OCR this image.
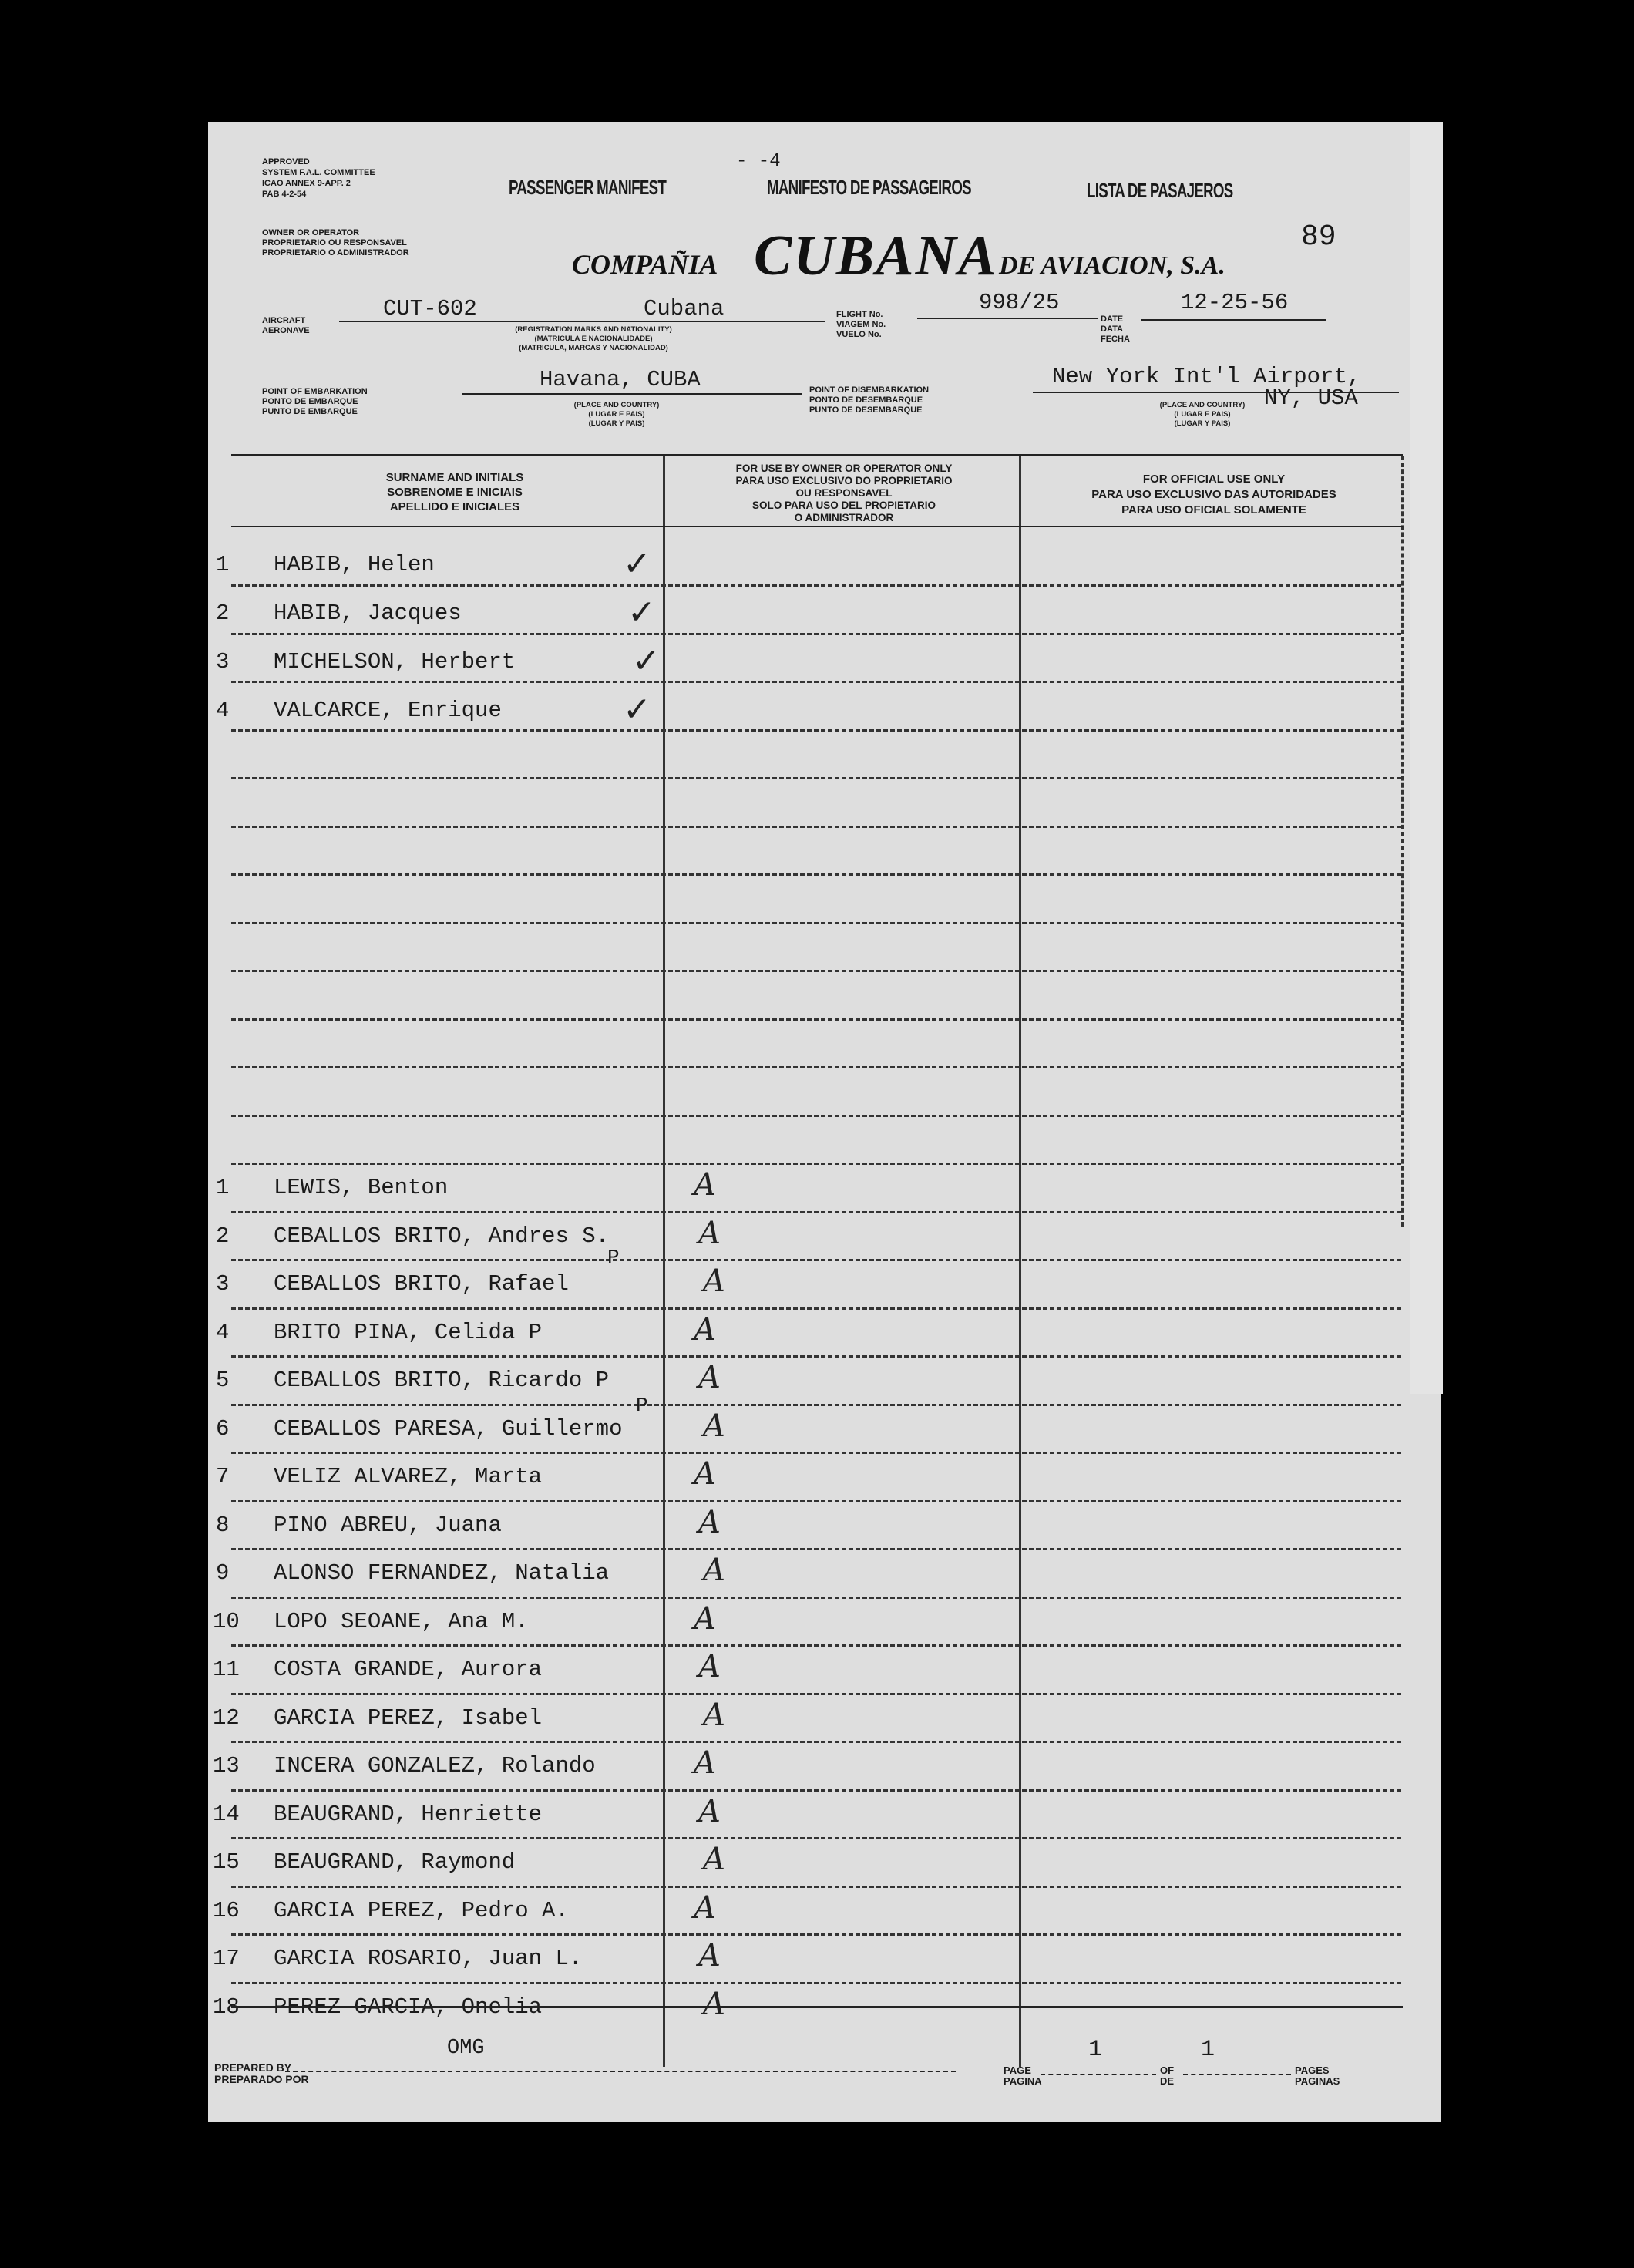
APPROVED
SYSTEM F.A.L. COMMITTEE
ICAO ANNEX 9-APP. 2
PAB 4-2-54	PASSENGER MANIFEST	MANIFESTO DE PASSAGEIROS	LISTA DE PASAJEROS
- -4
89
OWNER OR OPERATOR
PROPRIETARIO OU RESPONSAVEL
PROPRIETARIO O ADMINISTRADOR	COMPAÑIA CUBANA DE AVIACION, S.A.
AIRCRAFT
AERONAVE
CUT-602	Cubana
(REGISTRATION MARKS AND NATIONALITY)
(MATRICULA E NACIONALIDADE)
(MATRICULA, MARCAS Y NACIONALIDAD)
FLIGHT No.
VIAGEM No.
VUELO No.
998/25
DATE
DATA
FECHA
12-25-56
POINT OF EMBARKATION
PONTO DE EMBARQUE
PUNTO DE EMBARQUE
Havana, CUBA
(PLACE AND COUNTRY)
(LUGAR E PAIS)
(LUGAR Y PAIS)
POINT OF DISEMBARKATION
PONTO DE DESEMBARQUE
PUNTO DE DESEMBARQUE
New York Int'l Airport,
NY, USA
(PLACE AND COUNTRY)
(LUGAR E PAIS)
(LUGAR Y PAIS)
SURNAME AND INITIALS
SOBRENOME E INICIAIS
APELLIDO E INICIALES
FOR USE BY OWNER OR OPERATOR ONLY
PARA USO EXCLUSIVO DO PROPRIETARIO
OU RESPONSAVEL
SOLO PARA USO DEL PROPIETARIO
O ADMINISTRADOR
FOR OFFICIAL USE ONLY
PARA USO EXCLUSIVO DAS AUTORIDADES
PARA USO OFICIAL SOLAMENTE
1 HABIB, Helen	✓
2 HABIB, Jacques	✓
3 MICHELSON, Herbert	✓
4 VALCARCE, Enrique	✓
1 LEWIS, Benton	A
2 CEBALLOS BRITO, Andres S.	A
3 CEBALLOS BRITO, Rafael	A
4 BRITO PINA, Celida P	A
5 CEBALLOS BRITO, Ricardo P	A
6 CEBALLOS PARESA, Guillermo	A
7 VELIZ ALVAREZ, Marta	A
8 PINO ABREU, Juana	A
9 ALONSO FERNANDEZ, Natalia	A
10 LOPO SEOANE, Ana M.	A
11 COSTA GRANDE, Aurora	A
12 GARCIA PEREZ, Isabel	A
13 INCERA GONZALEZ, Rolando	A
14 BEAUGRAND, Henriette	A
15 BEAUGRAND, Raymond	A
16 GARCIA PEREZ, Pedro A.	A
17 GARCIA ROSARIO, Juan L.	A
18 PEREZ GARCIA, Onelia	A
P
P
PREPARED BY
PREPARADO POR
OMG
PAGE
PAGINA
1
OF
DE
1
PAGES
PAGINAS
